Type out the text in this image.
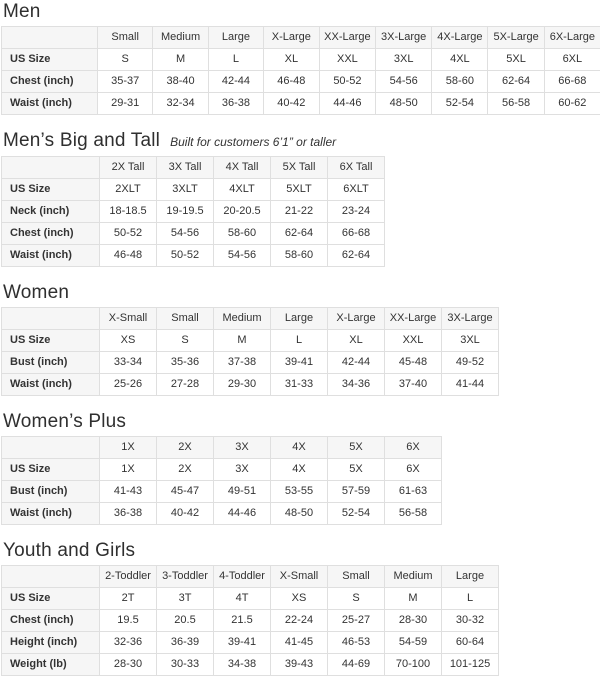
Men
	Small	Medium	Large	X-Large	XX-Large	3X-Large	4X-Large	5X-Large	6X-Large
US Size	S	M	L	XL	XXL	3XL	4XL	5XL	6XL
Chest (inch)	35-37	38-40	42-44	46-48	50-52	54-56	58-60	62-64	66-68
Waist (inch)	29-31	32-34	36-38	40-42	44-46	48-50	52-54	56-58	60-62
Men’s Big and Tall Built for customers 6’1” or taller
	2X Tall	3X Tall	4X Tall	5X Tall	6X Tall
US Size	2XLT	3XLT	4XLT	5XLT	6XLT
Neck (inch)	18-18.5	19-19.5	20-20.5	21-22	23-24
Chest (inch)	50-52	54-56	58-60	62-64	66-68
Waist (inch)	46-48	50-52	54-56	58-60	62-64
Women
	X-Small	Small	Medium	Large	X-Large	XX-Large	3X-Large
US Size	XS	S	M	L	XL	XXL	3XL
Bust (inch)	33-34	35-36	37-38	39-41	42-44	45-48	49-52
Waist (inch)	25-26	27-28	29-30	31-33	34-36	37-40	41-44
Women’s Plus
	1X	2X	3X	4X	5X	6X
US Size	1X	2X	3X	4X	5X	6X
Bust (inch)	41-43	45-47	49-51	53-55	57-59	61-63
Waist (inch)	36-38	40-42	44-46	48-50	52-54	56-58
Youth and Girls
	2-Toddler	3-Toddler	4-Toddler	X-Small	Small	Medium	Large
US Size	2T	3T	4T	XS	S	M	L
Chest (inch)	19.5	20.5	21.5	22-24	25-27	28-30	30-32
Height (inch)	32-36	36-39	39-41	41-45	46-53	54-59	60-64
Weight (lb)	28-30	30-33	34-38	39-43	44-69	70-100	101-125
